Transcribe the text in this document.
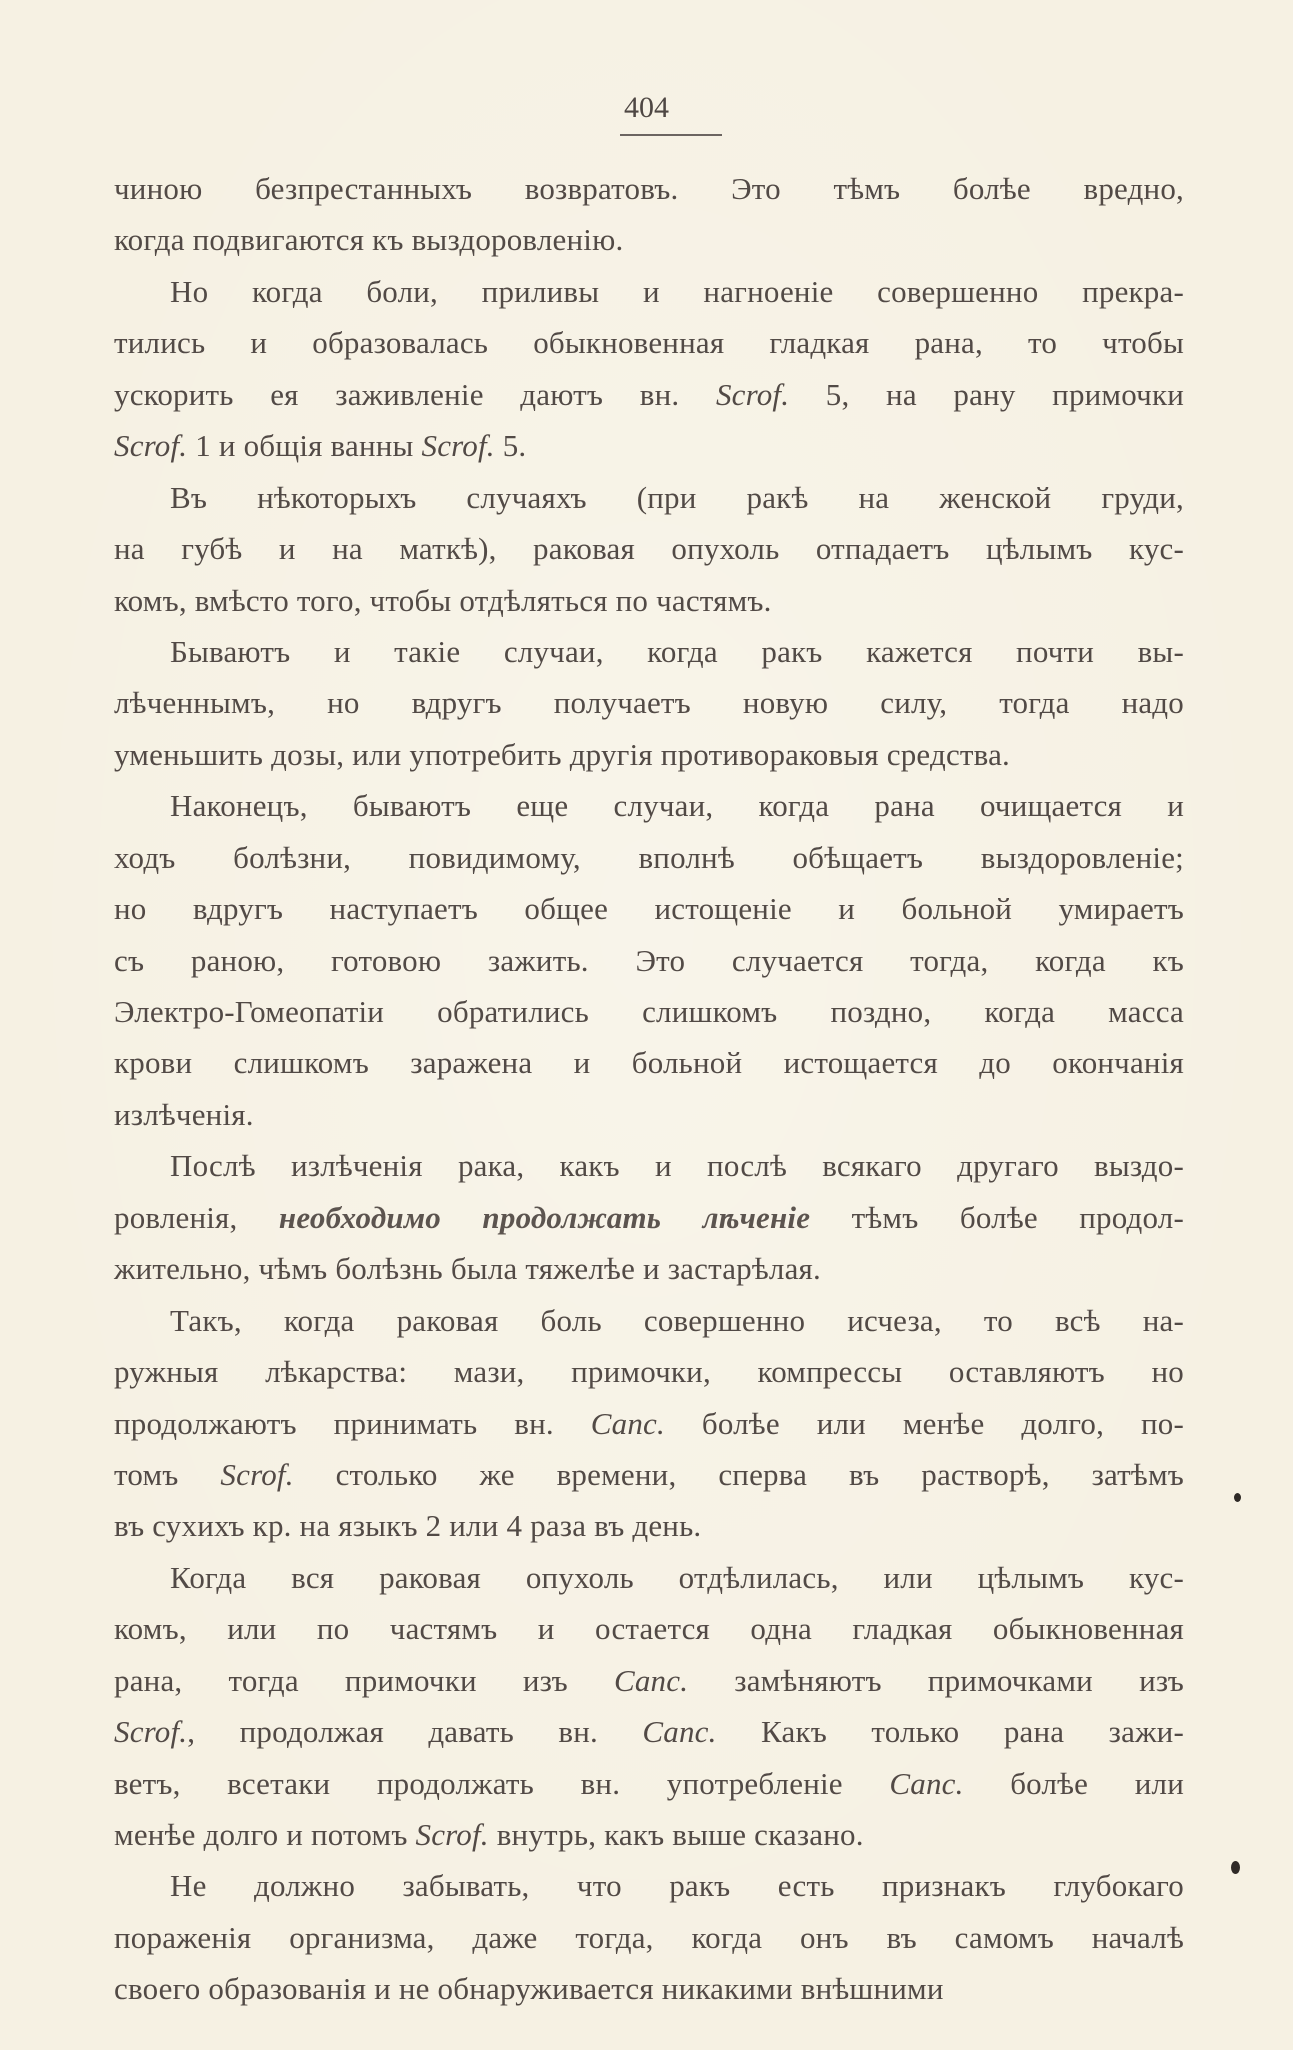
404
чиною безпрестанныхъ возвратовъ. Это тѣмъ болѣе вредно,
когда подвигаются къ выздоровленiю.
Но когда боли, приливы и нагноенiе совершенно прекра-
тились и образовалась обыкновенная гладкая рана, то чтобы
ускорить ея заживленiе даютъ вн. Scrof. 5, на рану примочки
Scrof. 1 и общiя ванны Scrof. 5.
Въ нѣкоторыхъ случаяхъ (при ракѣ на женской груди,
на губѣ и на маткѣ), раковая опухоль отпадаетъ цѣлымъ кус-
комъ, вмѣсто того, чтобы отдѣляться по частямъ.
Бываютъ и такiе случаи, когда ракъ кажется почти вы-
лѣченнымъ, но вдругъ получаетъ новую силу, тогда надо
уменьшить дозы, или употребить другiя противораковыя средства.
Наконецъ, бываютъ еще случаи, когда рана очищается и
ходъ болѣзни, повидимому, вполнѣ обѣщаетъ выздоровленiе;
но вдругъ наступаетъ общее истощенiе и больной умираетъ
съ раною, готовою зажить. Это случается тогда, когда къ
Электро-Гомеопатiи обратились слишкомъ поздно, когда масса
крови слишкомъ заражена и больной истощается до окончанiя
излѣченiя.
Послѣ излѣченiя рака, какъ и послѣ всякаго другаго выздо-
ровленiя, необходимо продолжать лѣченiе тѣмъ болѣе продол-
жительно, чѣмъ болѣзнь была тяжелѣе и застарѣлая.
Такъ, когда раковая боль совершенно исчеза, то всѣ на-
ружныя лѣкарства: мази, примочки, компрессы оставляютъ но
продолжаютъ принимать вн. Canc. болѣе или менѣе долго, по-
томъ Scrof. столько же времени, сперва въ растворѣ, затѣмъ
въ сухихъ кр. на языкъ 2 или 4 раза въ день.
Когда вся раковая опухоль отдѣлилась, или цѣлымъ кус-
комъ, или по частямъ и остается одна гладкая обыкновенная
рана, тогда примочки изъ Canc. замѣняютъ примочками изъ
Scrof., продолжая давать вн. Canc. Какъ только рана зажи-
ветъ, всетаки продолжать вн. употребленiе Canc. болѣе или
менѣе долго и потомъ Scrof. внутрь, какъ выше сказано.
Не должно забывать, что ракъ есть признакъ глубокаго
пораженiя организма, даже тогда, когда онъ въ самомъ началѣ
своего образованiя и не обнаруживается никакими внѣшними
